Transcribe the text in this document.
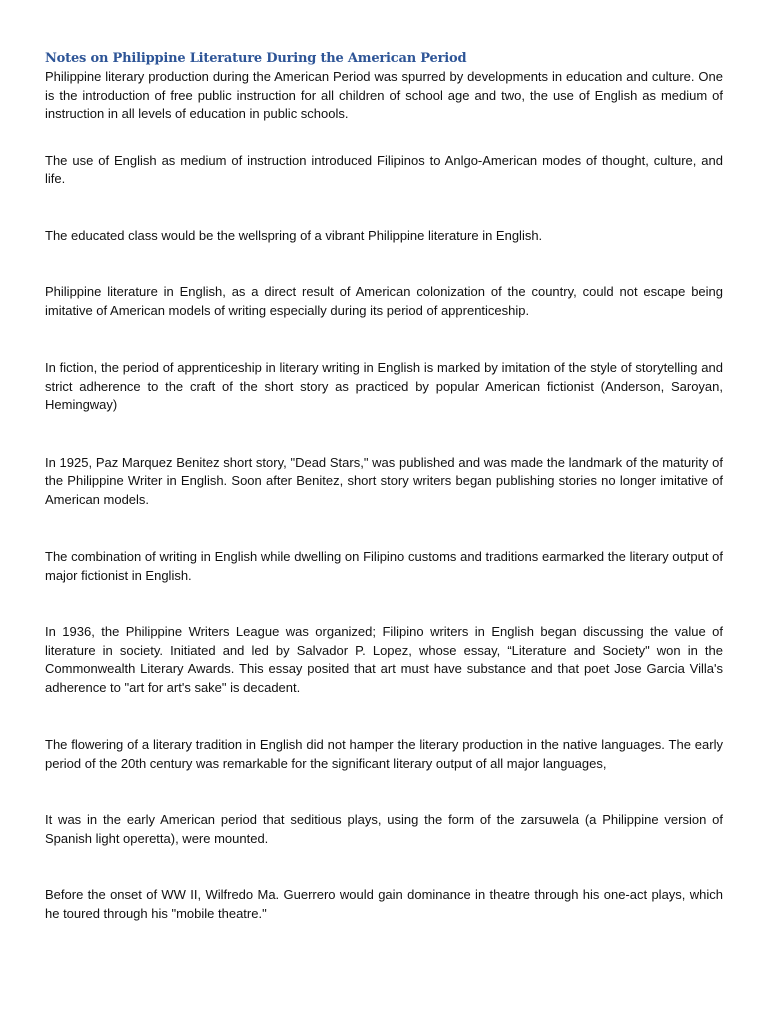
Notes on Philippine Literature During the American Period

Philippine literary production during the American Period was spurred by developments in education and culture. One is the introduction of free public instruction for all children of school age and two, the use of English as medium of instruction in all levels of education in public schools.

The use of English as medium of instruction introduced Filipinos to Anlgo-American modes of thought, culture, and life.

The educated class would be the wellspring of a vibrant Philippine literature in English.

Philippine literature in English, as a direct result of American colonization of the country, could not escape being imitative of American models of writing especially during its period of apprenticeship.

In fiction, the period of apprenticeship in literary writing in English is marked by imitation of the style of storytelling and strict adherence to the craft of the short story as practiced by popular American fictionist (Anderson, Saroyan, Hemingway)

In 1925, Paz Marquez Benitez short story, "Dead Stars," was published and was made the landmark of the maturity of the Philippine Writer in English. Soon after Benitez, short story writers began publishing stories no longer imitative of American models.

The combination of writing in English while dwelling on Filipino customs and traditions earmarked the literary output of major fictionist in English.

In 1936, the Philippine Writers League was organized; Filipino writers in English began discussing the value of literature in society. Initiated and led by Salvador P. Lopez, whose essay, “Literature and Society" won in the Commonwealth Literary Awards. This essay posited that art must have substance and that poet Jose Garcia Villa's adherence to "art for art's sake" is decadent.

The flowering of a literary tradition in English did not hamper the literary production in the native languages. The early period of the 20th century was remarkable for the significant literary output of all major languages,

It was in the early American period that seditious plays, using the form of the zarsuwela (a Philippine version of Spanish light operetta), were mounted.

Before the onset of WW II, Wilfredo Ma. Guerrero would gain dominance in theatre through his one-act plays, which he toured through his "mobile theatre."
